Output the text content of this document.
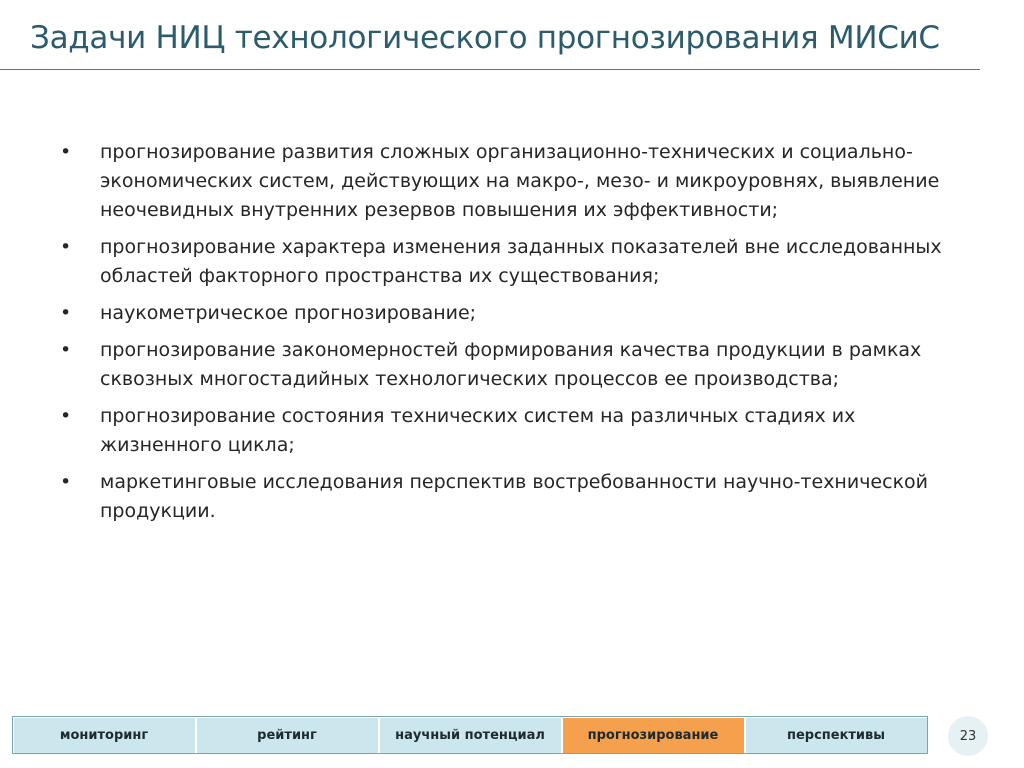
Задачи НИЦ технологического прогнозирования МИСиС
• прогнозирование развития сложных организационно-технических и социально-экономических систем, действующих на макро-, мезо- и микроуровнях, выявление неочевидных внутренних резервов повышения их эффективности;
• прогнозирование характера изменения заданных показателей вне исследованных областей факторного пространства их существования;
• наукометрическое прогнозирование;
• прогнозирование закономерностей формирования качества продукции в рамках сквозных многостадийных технологических процессов ее производства;
• прогнозирование состояния технических систем на различных стадиях их жизненного цикла;
• маркетинговые исследования перспектив востребованности научно-технической продукции.
мониторинг	рейтинг	научный потенциал	прогнозирование	перспективы	23
